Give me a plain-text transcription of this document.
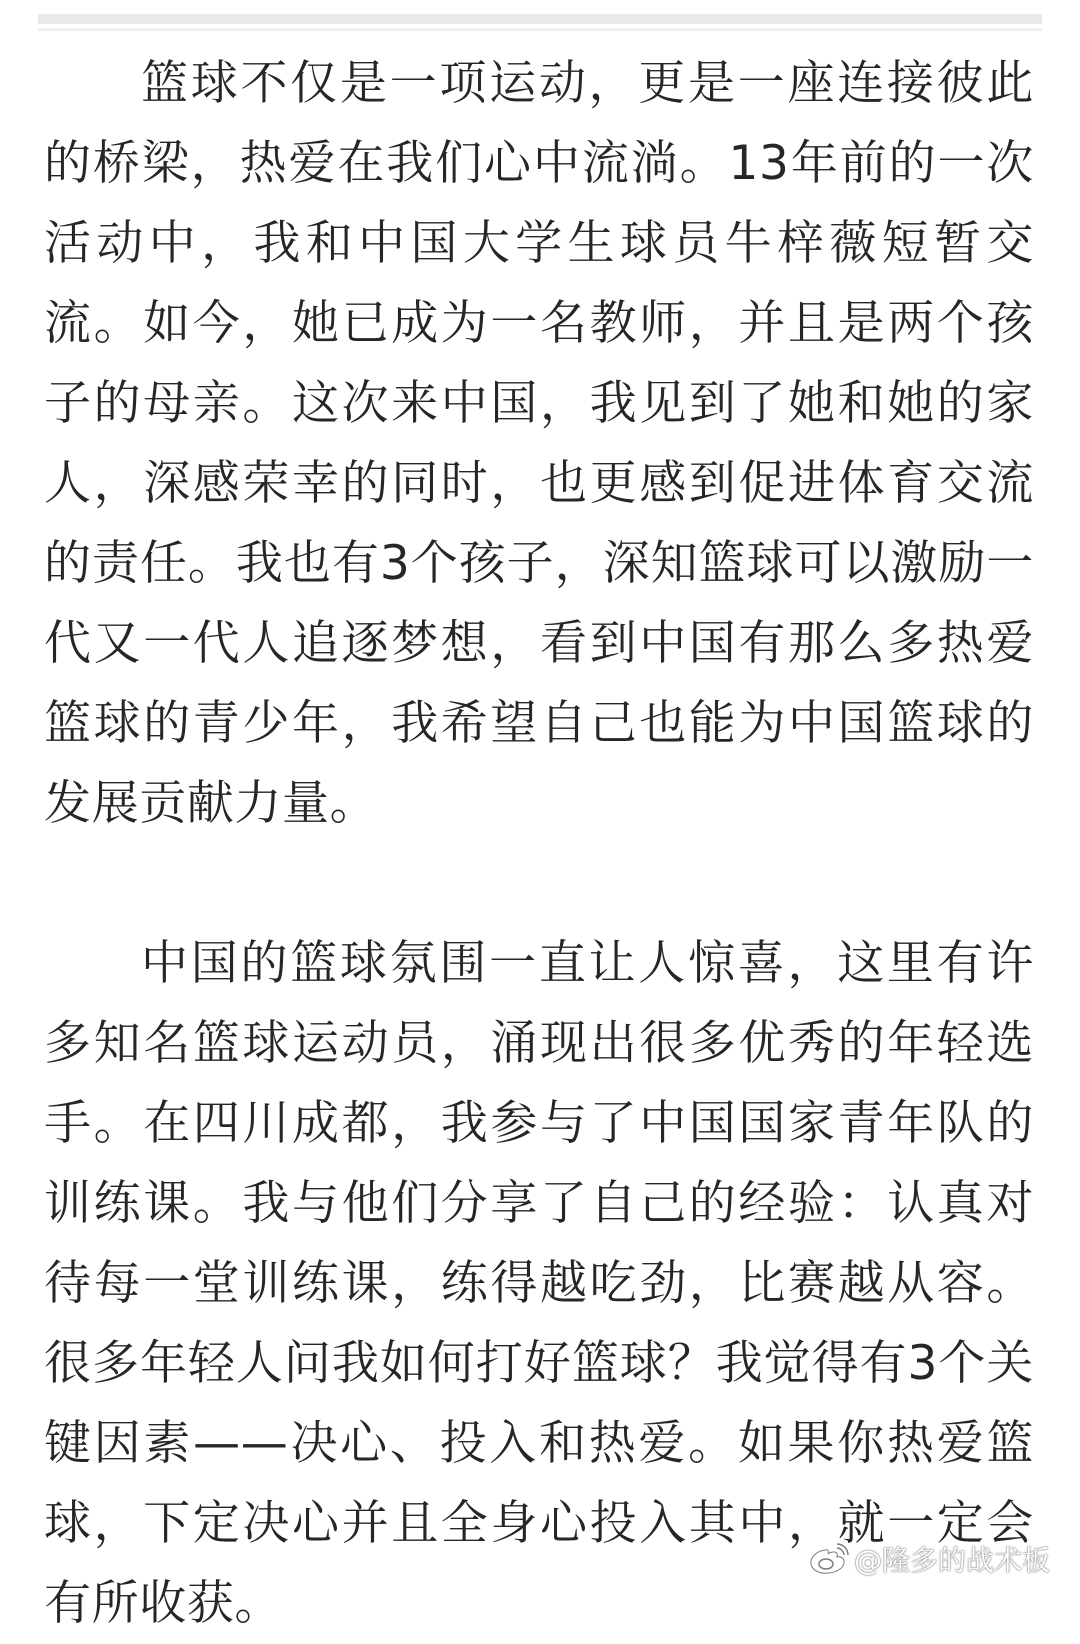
篮球不仅是一项运动，更是一座连接彼此的桥梁，热爱在我们心中流淌。13年前的一次活动中，我和中国大学生球员牛梓薇短暂交流。如今，她已成为一名教师，并且是两个孩子的母亲。这次来中国，我见到了她和她的家人，深感荣幸的同时，也更感到促进体育交流的责任。我也有3个孩子，深知篮球可以激励一代又一代人追逐梦想，看到中国有那么多热爱篮球的青少年，我希望自己也能为中国篮球的发展贡献力量。

中国的篮球氛围一直让人惊喜，这里有许多知名篮球运动员，涌现出很多优秀的年轻选手。在四川成都，我参与了中国国家青年队的训练课。我与他们分享了自己的经验：认真对待每一堂训练课，练得越吃劲，比赛越从容。很多年轻人问我如何打好篮球？我觉得有3个关键因素——决心、投入和热爱。如果你热爱篮球，下定决心并且全身心投入其中，就一定会有所收获。

@隆多的战术板
